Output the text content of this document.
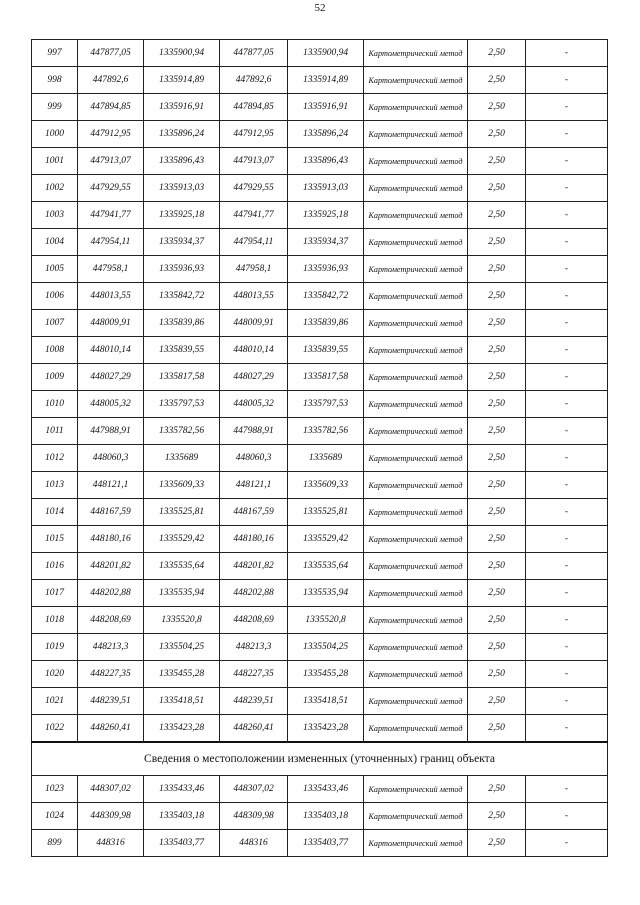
52
997	447877,05	1335900,94	447877,05	1335900,94	Картометрический метод	2,50	-
998	447892,6	1335914,89	447892,6	1335914,89	Картометрический метод	2,50	-
999	447894,85	1335916,91	447894,85	1335916,91	Картометрический метод	2,50	-
1000	447912,95	1335896,24	447912,95	1335896,24	Картометрический метод	2,50	-
1001	447913,07	1335896,43	447913,07	1335896,43	Картометрический метод	2,50	-
1002	447929,55	1335913,03	447929,55	1335913,03	Картометрический метод	2,50	-
1003	447941,77	1335925,18	447941,77	1335925,18	Картометрический метод	2,50	-
1004	447954,11	1335934,37	447954,11	1335934,37	Картометрический метод	2,50	-
1005	447958,1	1335936,93	447958,1	1335936,93	Картометрический метод	2,50	-
1006	448013,55	1335842,72	448013,55	1335842,72	Картометрический метод	2,50	-
1007	448009,91	1335839,86	448009,91	1335839,86	Картометрический метод	2,50	-
1008	448010,14	1335839,55	448010,14	1335839,55	Картометрический метод	2,50	-
1009	448027,29	1335817,58	448027,29	1335817,58	Картометрический метод	2,50	-
1010	448005,32	1335797,53	448005,32	1335797,53	Картометрический метод	2,50	-
1011	447988,91	1335782,56	447988,91	1335782,56	Картометрический метод	2,50	-
1012	448060,3	1335689	448060,3	1335689	Картометрический метод	2,50	-
1013	448121,1	1335609,33	448121,1	1335609,33	Картометрический метод	2,50	-
1014	448167,59	1335525,81	448167,59	1335525,81	Картометрический метод	2,50	-
1015	448180,16	1335529,42	448180,16	1335529,42	Картометрический метод	2,50	-
1016	448201,82	1335535,64	448201,82	1335535,64	Картометрический метод	2,50	-
1017	448202,88	1335535,94	448202,88	1335535,94	Картометрический метод	2,50	-
1018	448208,69	1335520,8	448208,69	1335520,8	Картометрический метод	2,50	-
1019	448213,3	1335504,25	448213,3	1335504,25	Картометрический метод	2,50	-
1020	448227,35	1335455,28	448227,35	1335455,28	Картометрический метод	2,50	-
1021	448239,51	1335418,51	448239,51	1335418,51	Картометрический метод	2,50	-
1022	448260,41	1335423,28	448260,41	1335423,28	Картометрический метод	2,50	-
Сведения о местоположении измененных (уточненных) границ объекта							
1023	448307,02	1335433,46	448307,02	1335433,46	Картометрический метод	2,50	-
1024	448309,98	1335403,18	448309,98	1335403,18	Картометрический метод	2,50	-
899	448316	1335403,77	448316	1335403,77	Картометрический метод	2,50	-
